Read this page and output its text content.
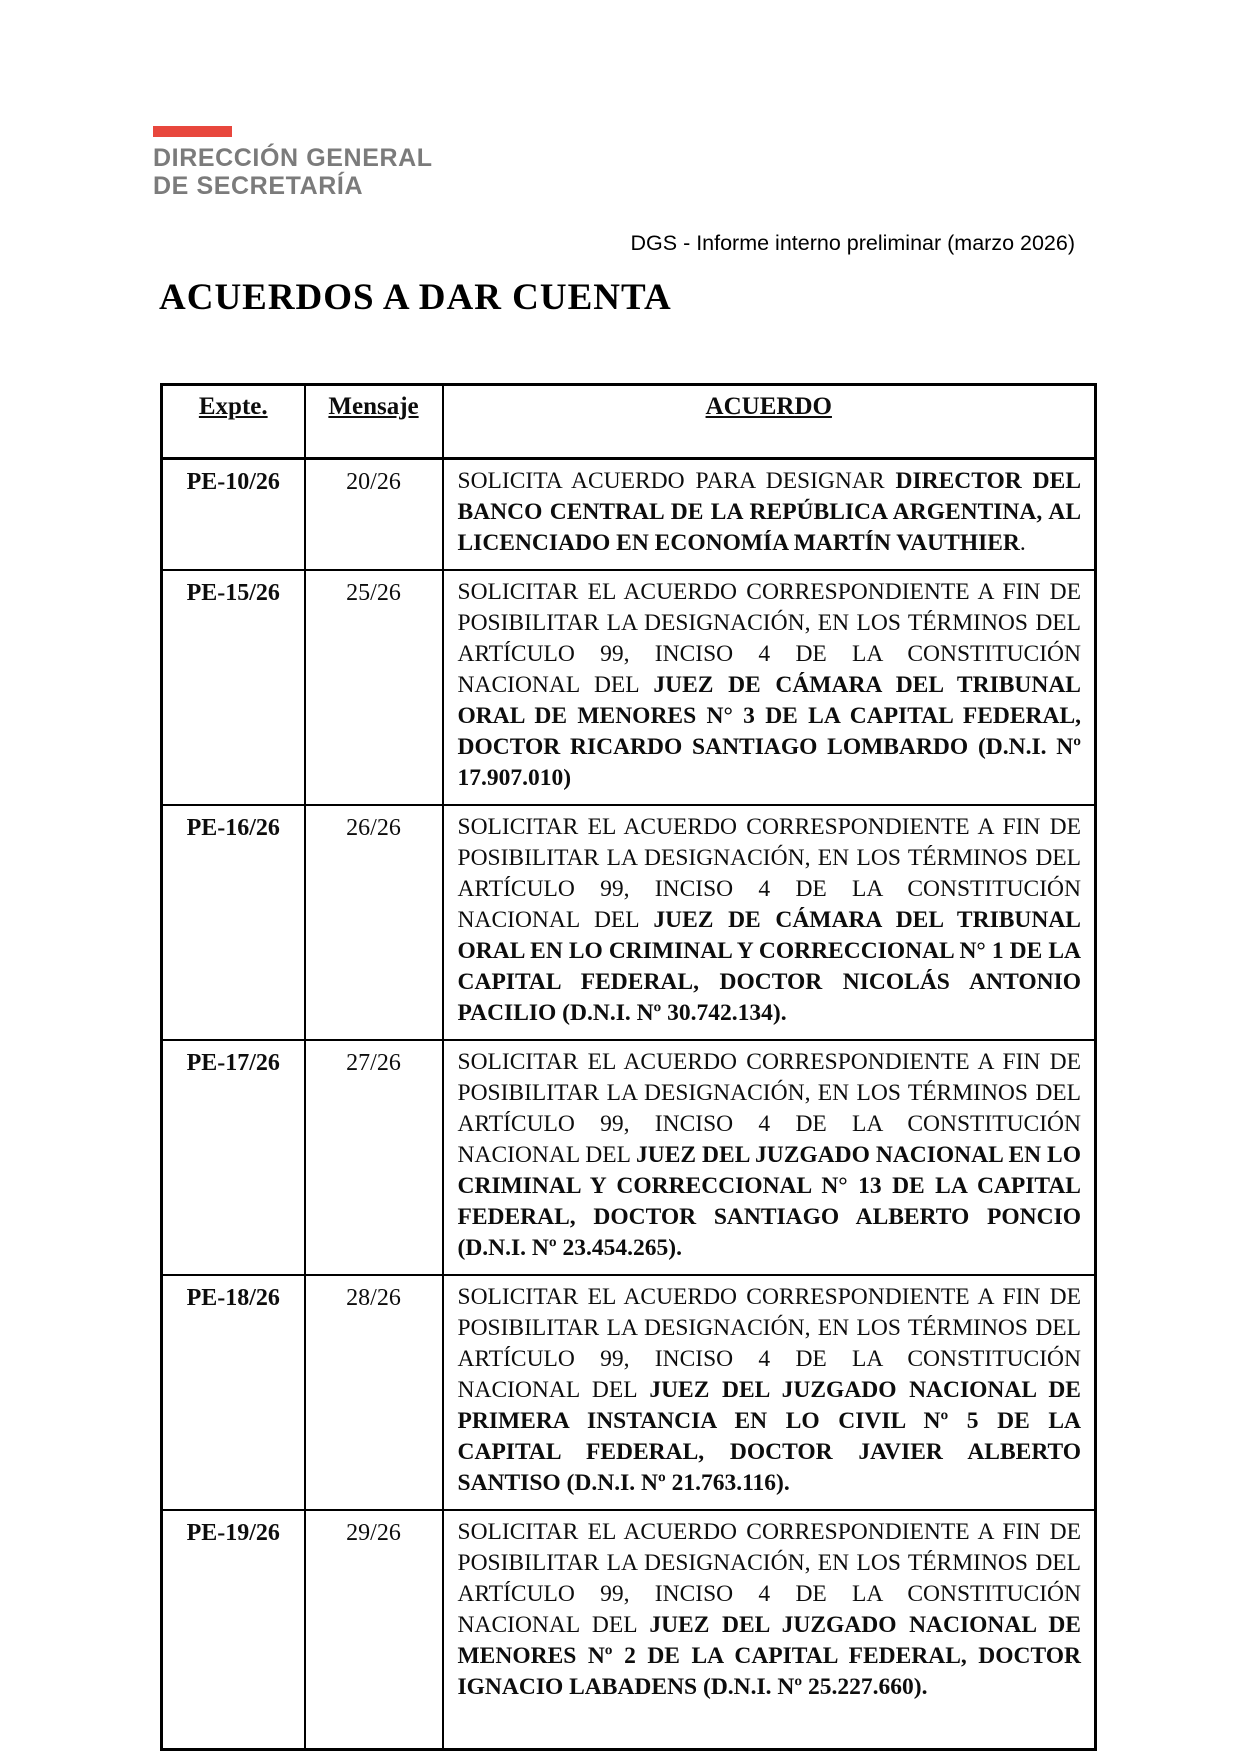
DIRECCIÓN GENERAL
DE SECRETARÍA
DGS - Informe interno preliminar (marzo 2026)
ACUERDOS A DAR CUENTA
Expte.	Mensaje	ACUERDO
PE-10/26	20/26	SOLICITA ACUERDO PARA DESIGNAR DIRECTOR DEL BANCO CENTRAL DE LA REPÚBLICA ARGENTINA, AL LICENCIADO EN ECONOMÍA MARTÍN VAUTHIER.
PE-15/26	25/26	SOLICITAR EL ACUERDO CORRESPONDIENTE A FIN DE POSIBILITAR LA DESIGNACIÓN, EN LOS TÉRMINOS DEL ARTÍCULO 99, INCISO 4 DE LA CONSTITUCIÓN NACIONAL DEL JUEZ DE CÁMARA DEL TRIBUNAL ORAL DE MENORES N° 3 DE LA CAPITAL FEDERAL, DOCTOR RICARDO SANTIAGO LOMBARDO (D.N.I. Nº 17.907.010)
PE-16/26	26/26	SOLICITAR EL ACUERDO CORRESPONDIENTE A FIN DE POSIBILITAR LA DESIGNACIÓN, EN LOS TÉRMINOS DEL ARTÍCULO 99, INCISO 4 DE LA CONSTITUCIÓN NACIONAL DEL JUEZ DE CÁMARA DEL TRIBUNAL ORAL EN LO CRIMINAL Y CORRECCIONAL N° 1 DE LA CAPITAL FEDERAL, DOCTOR NICOLÁS ANTONIO PACILIO (D.N.I. Nº 30.742.134).
PE-17/26	27/26	SOLICITAR EL ACUERDO CORRESPONDIENTE A FIN DE POSIBILITAR LA DESIGNACIÓN, EN LOS TÉRMINOS DEL ARTÍCULO 99, INCISO 4 DE LA CONSTITUCIÓN NACIONAL DEL JUEZ DEL JUZGADO NACIONAL EN LO CRIMINAL Y CORRECCIONAL N° 13 DE LA CAPITAL FEDERAL, DOCTOR SANTIAGO ALBERTO PONCIO (D.N.I. Nº 23.454.265).
PE-18/26	28/26	SOLICITAR EL ACUERDO CORRESPONDIENTE A FIN DE POSIBILITAR LA DESIGNACIÓN, EN LOS TÉRMINOS DEL ARTÍCULO 99, INCISO 4 DE LA CONSTITUCIÓN NACIONAL DEL JUEZ DEL JUZGADO NACIONAL DE PRIMERA INSTANCIA EN LO CIVIL Nº 5 DE LA CAPITAL FEDERAL, DOCTOR JAVIER ALBERTO SANTISO (D.N.I. Nº 21.763.116).
PE-19/26	29/26	SOLICITAR EL ACUERDO CORRESPONDIENTE A FIN DE POSIBILITAR LA DESIGNACIÓN, EN LOS TÉRMINOS DEL ARTÍCULO 99, INCISO 4 DE LA CONSTITUCIÓN NACIONAL DEL JUEZ DEL JUZGADO NACIONAL DE MENORES Nº 2 DE LA CAPITAL FEDERAL, DOCTOR IGNACIO LABADENS (D.N.I. Nº 25.227.660).
